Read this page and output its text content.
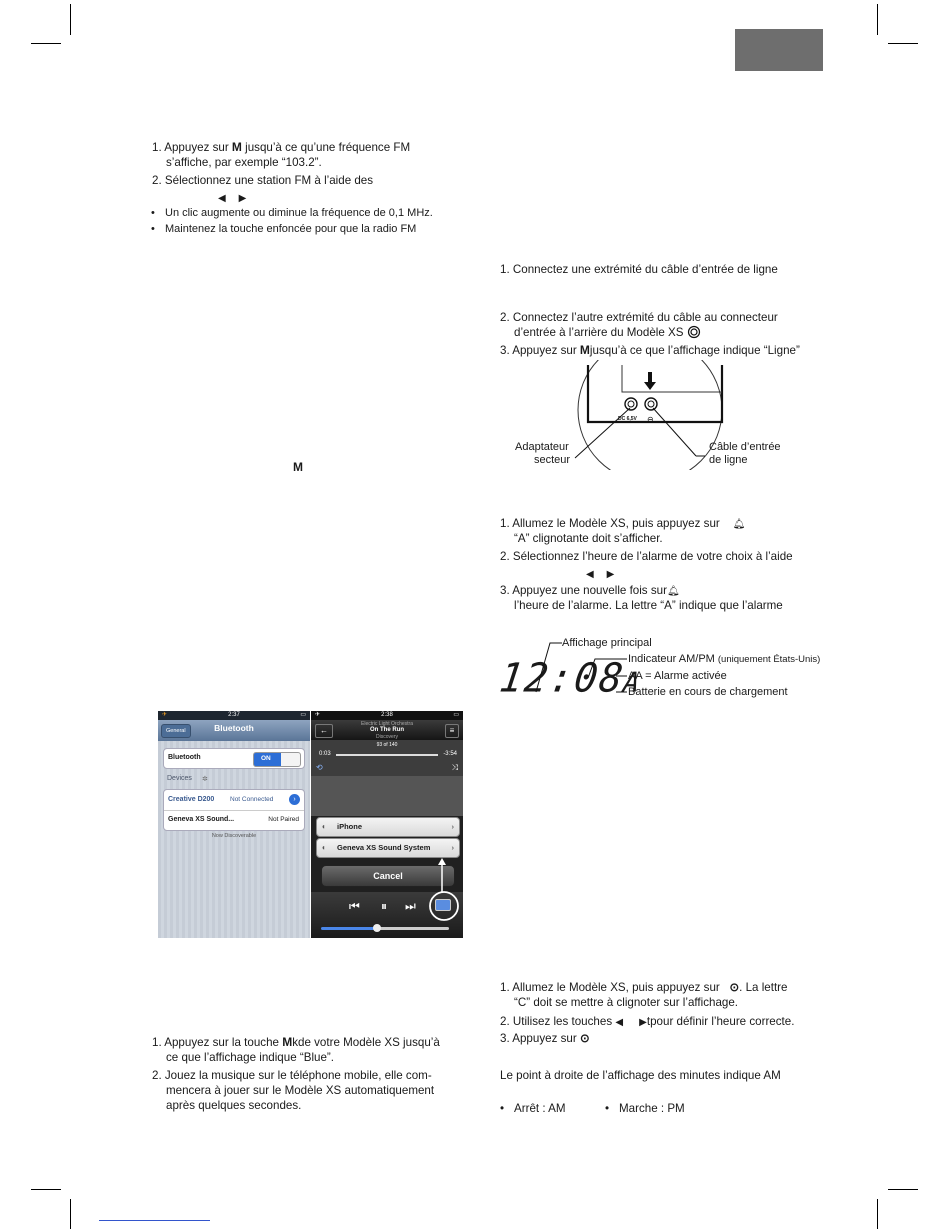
1. Appuyez sur M jusqu’à ce qu’une fréquence FM
s’affiche, par exemple “103.2”.
2. Sélectionnez une station FM à l’aide des
◀ ▶
• Un clic augmente ou diminue la fréquence de 0,1 MHz.
• Maintenez la touche enfoncée pour que la radio FM
M
✈	2:37	▭
General	Bluetooth
Bluetooth	ON
Devices ✲
Creative D200 Not Connected	›
Geneva XS Sound...	Not Paired
Now Discoverable
✈	2:38	▭
←
Electric Light Orchestra
On The Run
Discovery
≡
93 of 140
0:03	-3:54
⟲	⤨
◖ iPhone	›
◖ Geneva XS Sound System	›
Cancel
⏮ ⏸ ⏭
1. Appuyez sur la touche Mkde votre Modèle XS jusqu’à
ce que l’affichage indique “Blue”.
2. Jouez la musique sur le téléphone mobile, elle com-
mencera à jouer sur le Modèle XS automatiquement
après quelques secondes.
1. Connectez une extrémité du câble d’entrée de ligne
2. Connectez l’autre extrémité du câble au connecteur
d’entrée à l’arrière du Modèle XS
3. Appuyez sur Mjusqu’à ce que l’affichage indique “Ligne”
DC 6,5V ⊖
Adaptateur
secteur
Câble d’entrée
de ligne
1. Allumez le Modèle XS, puis appuyez sur 🔔︎
“A” clignotante doit s’afficher.
2. Sélectionnez l’heure de l’alarme de votre choix à l’aide
◀ ▶
3. Appuyez une nouvelle fois sur🔔︎
l’heure de l’alarme. La lettre “A” indique que l’alarme
12:08A
Affichage principal
Indicateur AM/PM (uniquement États-Unis)
AA = Alarme activée
Batterie en cours de chargement
1. Allumez le Modèle XS, puis appuyez sur ⊙. La lettre
“C” doit se mettre à clignoter sur l’affichage.
2. Utilisez les touches ◀ ▶tpour définir l’heure correcte.
3. Appuyez sur ⊙
Le point à droite de l’affichage des minutes indique AM
• Arrêt : AM
•	Marche : PM
